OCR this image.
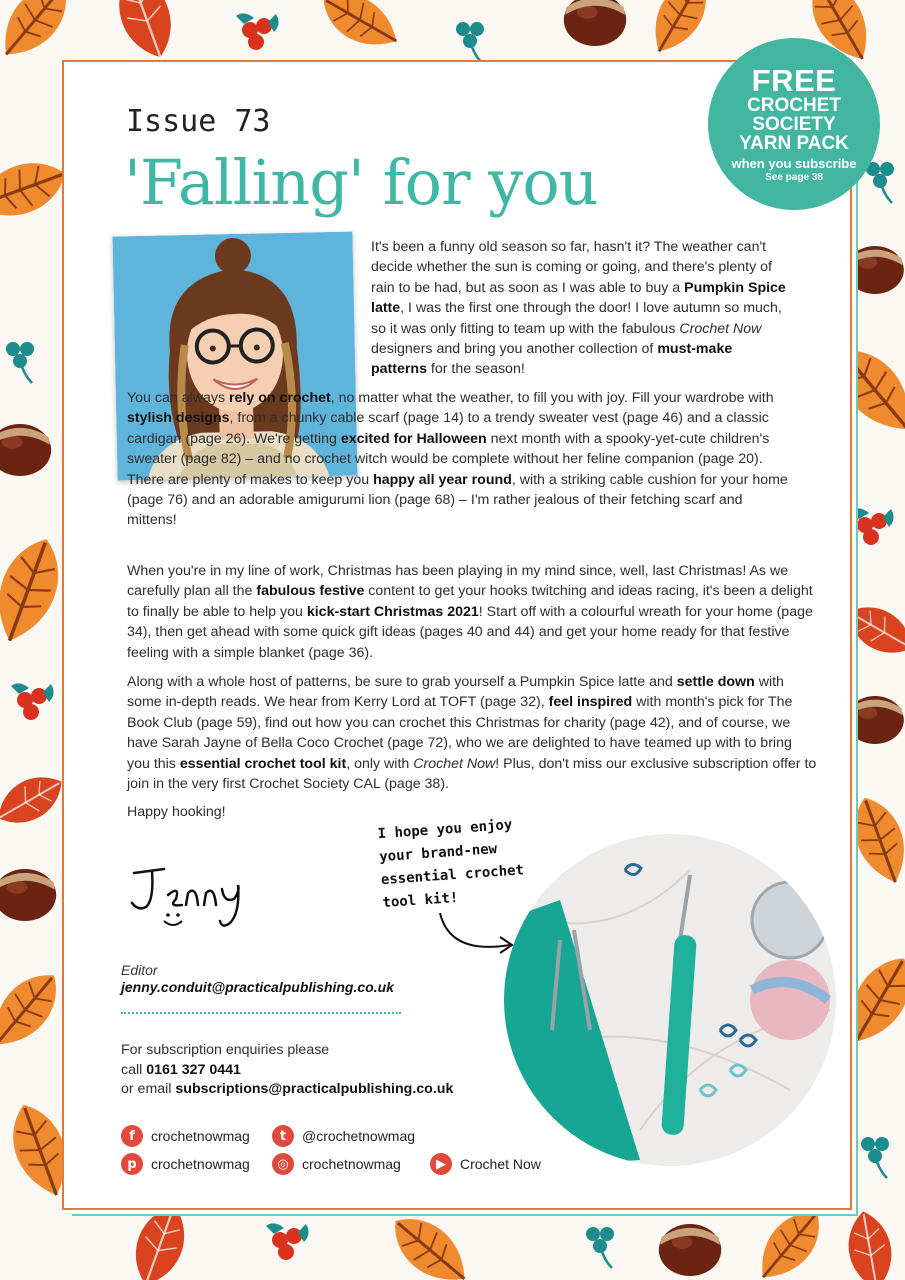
FREE
CROCHET
SOCIETY
YARN PACK
when you subscribe
See page 38
Issue 73
'Falling' for you
It's been a funny old season so far, hasn't it? The weather can't decide whether the sun is coming or going, and there's plenty of rain to be had, but as soon as I was able to buy a Pumpkin Spice latte, I was the first one through the door! I love autumn so much, so it was only fitting to team up with the fabulous Crochet Now designers and bring you another collection of must-make patterns for the season!
You can always rely on crochet, no matter what the weather, to fill you with joy. Fill your wardrobe with stylish designs, from a chunky cable scarf (page 14) to a trendy sweater vest (page 46) and a classic cardigan (page 26). We're getting excited for Halloween next month with a spooky-yet-cute children's sweater (page 82) – and no crochet witch would be complete without her feline companion (page 20). There are plenty of makes to keep you happy all year round, with a striking cable cushion for your home (page 76) and an adorable amigurumi lion (page 68) – I'm rather jealous of their fetching scarf and mittens!
When you're in my line of work, Christmas has been playing in my mind since, well, last Christmas! As we carefully plan all the fabulous festive content to get your hooks twitching and ideas racing, it's been a delight to finally be able to help you kick-start Christmas 2021! Start off with a colourful wreath for your home (page 34), then get ahead with some quick gift ideas (pages 40 and 44) and get your home ready for that festive feeling with a simple blanket (page 36).
Along with a whole host of patterns, be sure to grab yourself a Pumpkin Spice latte and settle down with some in-depth reads. We hear from Kerry Lord at TOFT (page 32), feel inspired with month's pick for The Book Club (page 59), find out how you can crochet this Christmas for charity (page 42), and of course, we have Sarah Jayne of Bella Coco Crochet (page 72), who we are delighted to have teamed up with to bring you this essential crochet tool kit, only with Crochet Now! Plus, don't miss our exclusive subscription offer to join in the very first Crochet Society CAL (page 38).
Happy hooking!
I hope you enjoy
your brand-new
essential crochet
tool kit!
Editor
jenny.conduit@practicalpublishing.co.uk
For subscription enquiries please
call 0161 327 0441
or email subscriptions@practicalpublishing.co.uk
f	crochetnowmag	t	@crochetnowmag
p	crochetnowmag	◎ crochetnowmag	▶	Crochet Now
